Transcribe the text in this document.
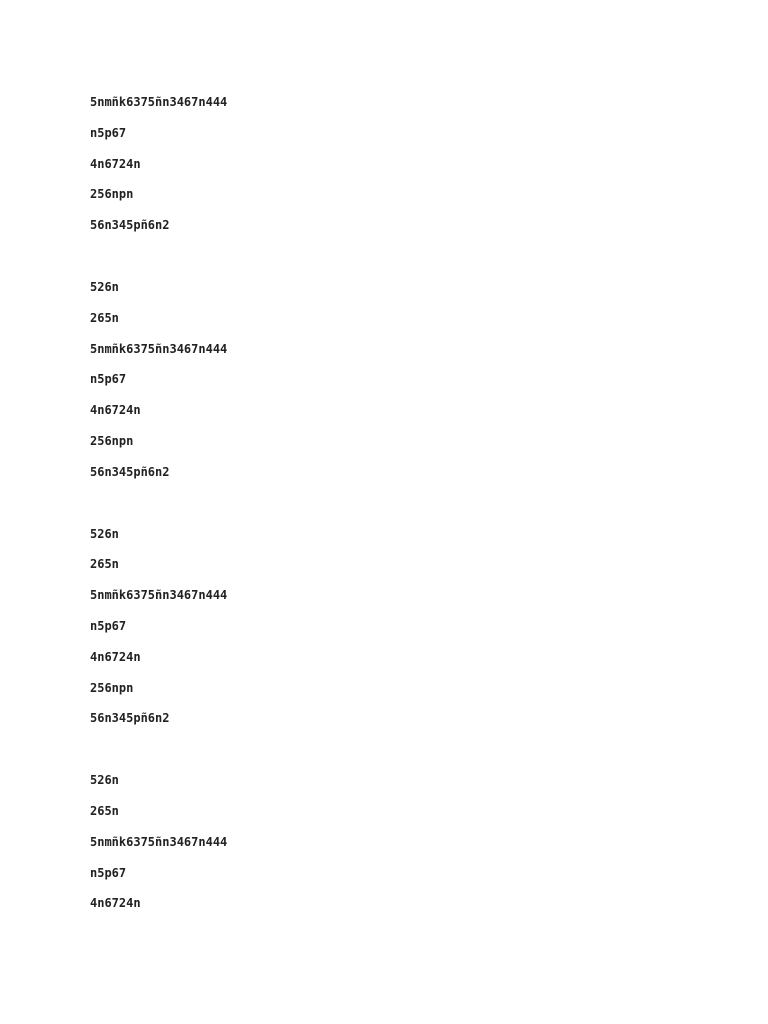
5nmñk6375ñn3467n444
n5p67
4n6724n
256npn
56n345pñ6n2
526n
265n
5nmñk6375ñn3467n444
n5p67
4n6724n
256npn
56n345pñ6n2
526n
265n
5nmñk6375ñn3467n444
n5p67
4n6724n
256npn
56n345pñ6n2
526n
265n
5nmñk6375ñn3467n444
n5p67
4n6724n
